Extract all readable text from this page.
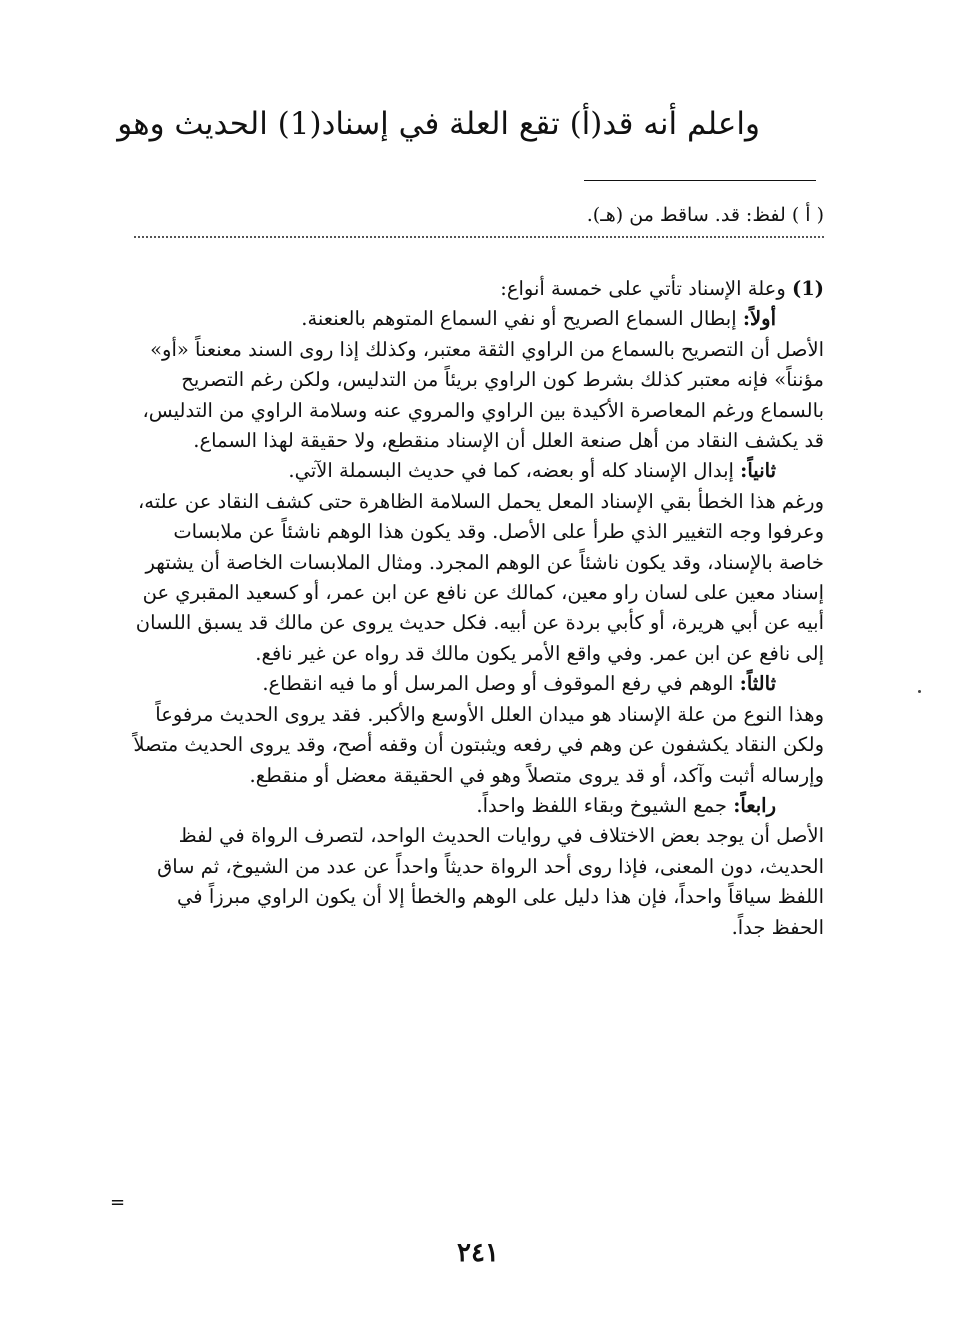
واعلم أنه قد(أ) تقع العلة في إسناد(1) الحديث وهو
( أ ) لفظ: قد. ساقط من (هـ).

(1) وعلة الإسناد تأتي على خمسة أنواع:

أولاً: إبطال السماع الصريح أو نفي السماع المتوهم بالعنعنة.

الأصل أن التصريح بالسماع من الراوي الثقة معتبر، وكذلك إذا روى السند معنعناً «أو» مؤنناً» فإنه معتبر كذلك بشرط كون الراوي بريئاً من التدليس، ولكن رغم التصريح بالسماع ورغم المعاصرة الأكيدة بين الراوي والمروي عنه وسلامة الراوي من التدليس، قد يكشف النقاد من أهل صنعة العلل أن الإسناد منقطع، ولا حقيقة لهذا السماع.

ثانياً: إبدال الإسناد كله أو بعضه، كما في حديث البسملة الآتي.

ورغم هذا الخطأ بقي الإسناد المعل يحمل السلامة الظاهرة حتى كشف النقاد عن علته، وعرفوا وجه التغيير الذي طرأ على الأصل. وقد يكون هذا الوهم ناشئاً عن ملابسات خاصة بالإسناد، وقد يكون ناشئاً عن الوهم المجرد. ومثال الملابسات الخاصة أن يشتهر إسناد معين على لسان راو معين، كمالك عن نافع عن ابن عمر، أو كسعيد المقبري عن أبيه عن أبي هريرة، أو كأبي بردة عن أبيه. فكل حديث يروى عن مالك قد يسبق اللسان إلى نافع عن ابن عمر. وفي واقع الأمر يكون مالك قد رواه عن غير نافع.

ثالثاً: الوهم في رفع الموقوف أو وصل المرسل أو ما فيه انقطاع.

وهذا النوع من علة الإسناد هو ميدان العلل الأوسع والأكبر. فقد يروى الحديث مرفوعاً ولكن النقاد يكشفون عن وهم في رفعه ويثبتون أن وقفه أصح، وقد يروى الحديث متصلاً وإرساله أثبت وآكد، أو قد يروى متصلاً وهو في الحقيقة معضل أو منقطع.

رابعاً: جمع الشيوخ وبقاء اللفظ واحداً.

الأصل أن يوجد بعض الاختلاف في روايات الحديث الواحد، لتصرف الرواة في لفظ الحديث، دون المعنى، فإذا روى أحد الرواة حديثاً واحداً عن عدد من الشيوخ، ثم ساق اللفظ سياقاً واحداً، فإن هذا دليل على الوهم والخطأ إلا أن يكون الراوي مبرزاً في الحفظ جداً.

=
٢٤١
